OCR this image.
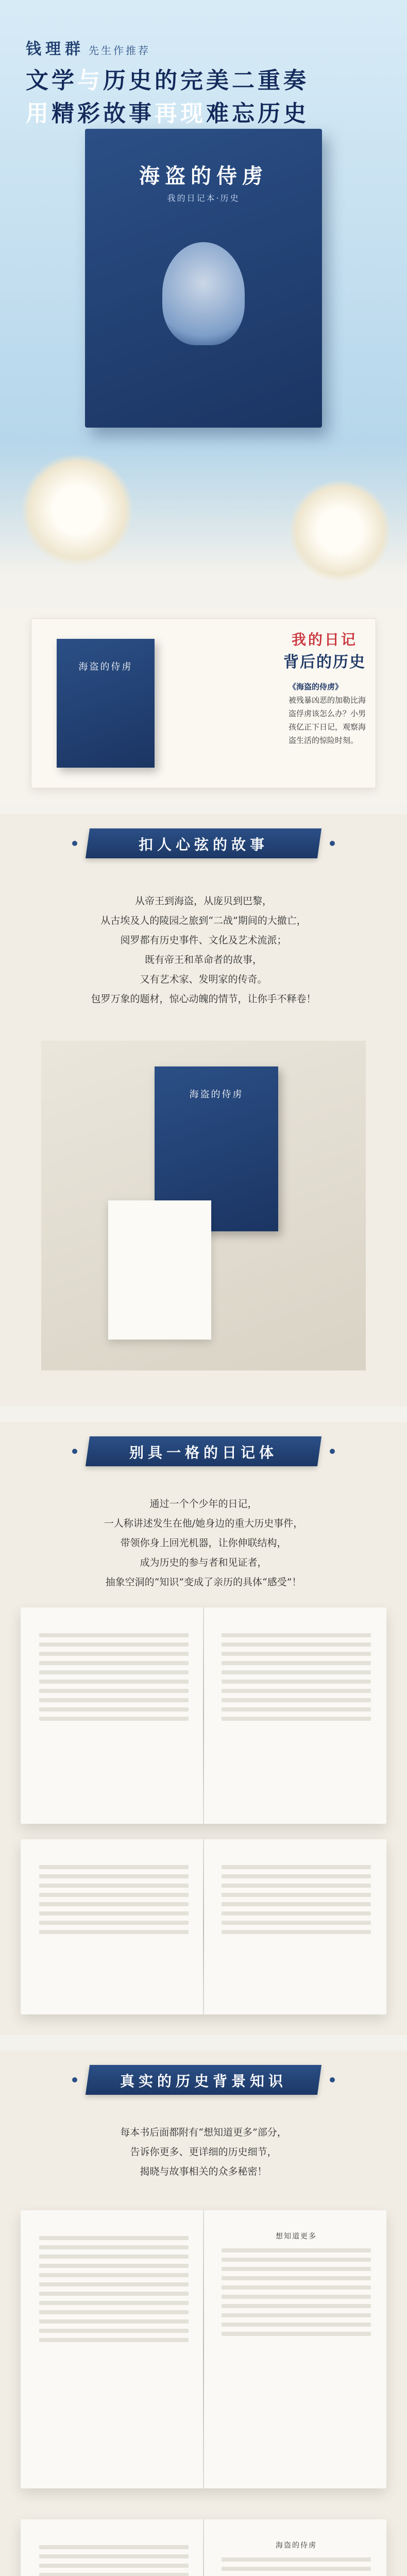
钱理群 先生作推荐
文学与历史的完美二重奏
用精彩故事再现难忘历史
海盗的侍虏
我的日记本·历史
海盗的侍虏
我的日记
背后的历史
《海盗的侍虏》
被残暴凶恶的加勒比海盗俘虏该怎么办？小男孩亿正下日记，观察海盗生活的惊险时刻。
扣人心弦的故事
从帝王到海盗，从庞贝到巴黎，
从古埃及人的陵园之旅到“二战”期间的大撤亡，
阅罗都有历史事件、文化及艺术流派；
既有帝王和革命者的故事，
又有艺术家、发明家的传奇。
包罗万象的题材，惊心动魄的情节，让你手不释卷！
海盗的侍虏
别具一格的日记体
通过一个个少年的日记，
一人称讲述发生在他/她身边的重大历史事件，
带领你身上回光机器，让你伸联结构，
成为历史的参与者和见证者，
抽象空洞的“知识”变成了亲历的具体“感受”！
真实的历史背景知识
每本书后面都附有“想知道更多”部分，
告诉你更多、更详细的历史细节，
揭晓与故事相关的众多秘密！
想知道更多
海盗的侍虏
